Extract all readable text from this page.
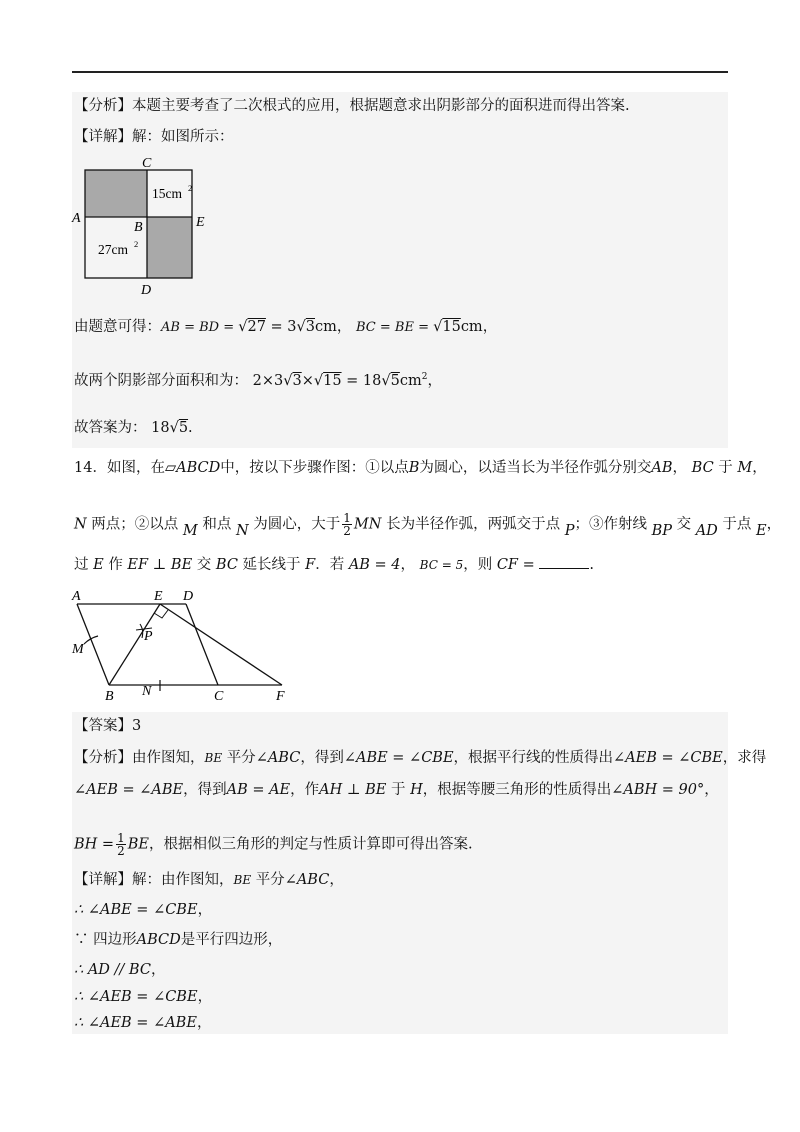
【分析】本题主要考查了二次根式的应用，根据题意求出阴影部分的面积进而得出答案.
【详解】解：如图所示：
C
A
B	E
D
15cm 2
27cm 2
由题意可得：AB = BD = √27 = 3√3cm， BC = BE = √15cm，
故两个阴影部分面积和为： $2\times 3√3\times√15 = 18√5cm^2$，
故答案为： 18√5.
14．如图，在▱ABCD中，按以下步骤作图：①以点B为圆心，以适当长为半径作弧分别交AB， BC 于 M，
N 两点；②以点 M 和点 N 为圆心，大于 $\frac{1}{2}$ MN 长为半径作弧，两弧交于点 P；③作射线 BP 交 AD 于点 E，
过 E 作 EF ⊥ BE 交 BC 延长线于 F．若 AB = 4， BC = 5，则 CF =	.
A	E D
M
P
B N	C	F
【答案】3
【分析】由作图知，BE 平分∠ABC，得到∠ABE = ∠CBE，根据平行线的性质得出∠AEB = ∠CBE，求得
∠AEB = ∠ABE，得到AB = AE，作AH ⊥ BE 于 H，根据等腰三角形的性质得出∠ABH = 90°，
BH = $\frac{1}{2}$ BE，根据相似三角形的判定与性质计算即可得出答案.
【详解】解：由作图知，BE 平分∠ABC，
∴ ∠ABE = ∠CBE，
∵ 四边形ABCD是平行四边形，
∴ AD // BC，
∴ ∠AEB = ∠CBE，
∴ ∠AEB = ∠ABE，
